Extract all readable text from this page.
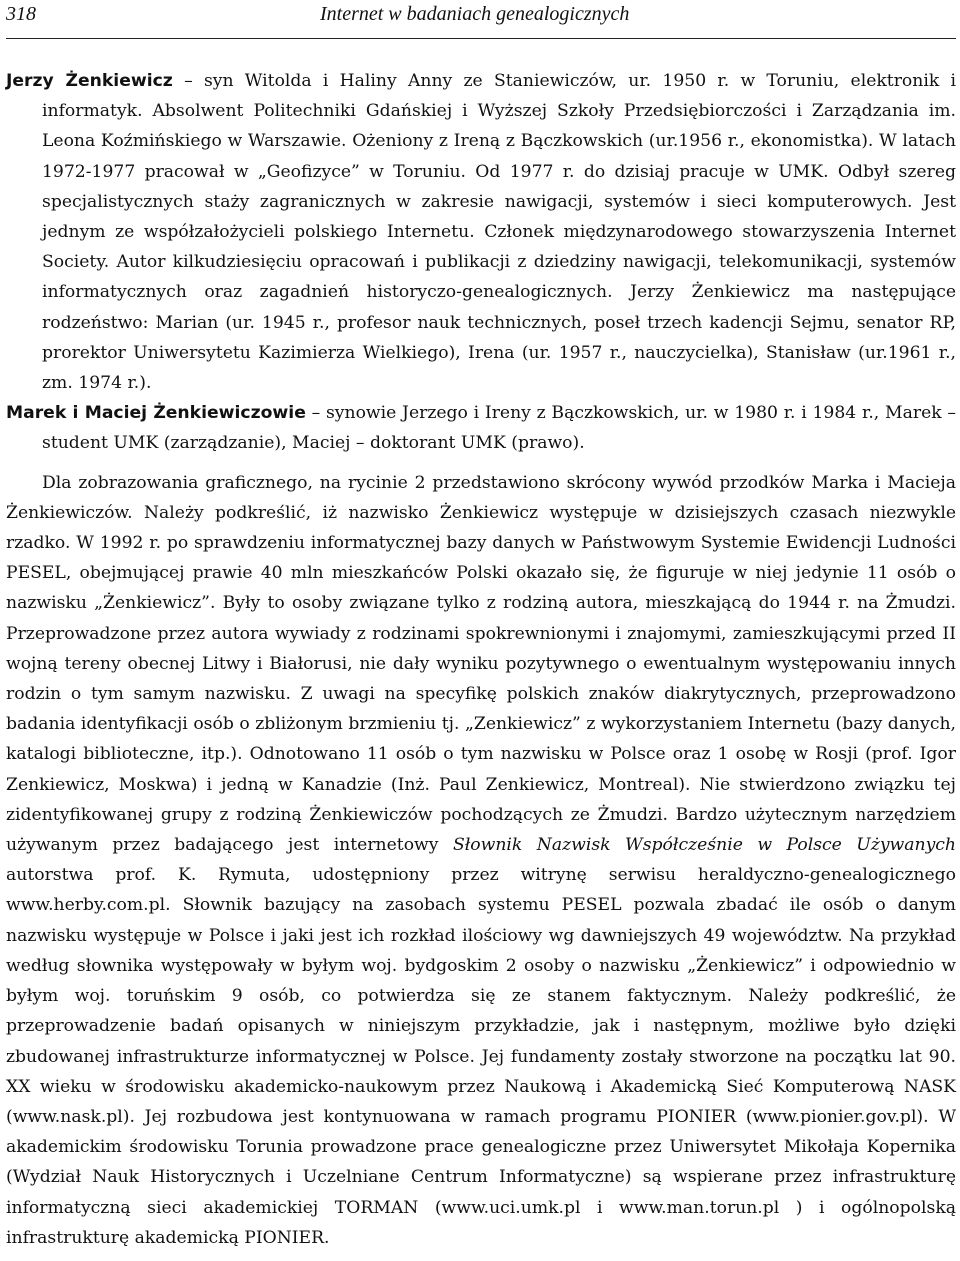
318	Internet w badaniach genealogicznych

Jerzy Żenkiewicz – syn Witolda i Haliny Anny ze Staniewiczów, ur. 1950 r. w Toruniu, elektronik i informatyk. Absolwent Politechniki Gdańskiej i Wyższej Szkoły Przedsiębiorczości i Zarządzania im. Leona Koźmińskiego w Warszawie. Ożeniony z Ireną z Bączkowskich (ur.1956 r., ekonomistka). W latach 1972-1977 pracował w „Geofizyce” w Toruniu. Od 1977 r. do dzisiaj pracuje w UMK. Odbył szereg specjalistycznych staży zagranicznych w zakresie nawigacji, systemów i sieci komputerowych. Jest jednym ze współzałożycieli polskiego Internetu. Członek międzynarodowego stowarzyszenia Internet Society. Autor kilkudziesięciu opracowań i publikacji z dziedziny nawigacji, telekomunikacji, systemów informatycznych oraz zagadnień historyczo-genealogicznych. Jerzy Żenkiewicz ma następujące rodzeństwo: Marian (ur. 1945 r., profesor nauk technicznych, poseł trzech kadencji Sejmu, senator RP, prorektor Uniwersytetu Kazimierza Wielkiego), Irena (ur. 1957 r., nauczycielka), Stanisław (ur.1961 r., zm. 1974 r.).

Marek i Maciej Żenkiewiczowie – synowie Jerzego i Ireny z Bączkowskich, ur. w 1980 r. i 1984 r., Marek – student UMK (zarządzanie), Maciej – doktorant UMK (prawo).

Dla zobrazowania graficznego, na rycinie 2 przedstawiono skrócony wywód przodków Marka i Macieja Żenkiewiczów. Należy podkreślić, iż nazwisko Żenkiewicz występuje w dzisiejszych czasach niezwykle rzadko. W 1992 r. po sprawdzeniu informatycznej bazy danych w Państwowym Systemie Ewidencji Ludności PESEL, obejmującej prawie 40 mln mieszkańców Polski okazało się, że figuruje w niej jedynie 11 osób o nazwisku „Żenkiewicz”. Były to osoby związane tylko z rodziną autora, mieszkającą do 1944 r. na Żmudzi. Przeprowadzone przez autora wywiady z rodzinami spokrewnionymi i znajomymi, zamieszkującymi przed II wojną tereny obecnej Litwy i Białorusi, nie dały wyniku pozytywnego o ewentualnym występowaniu innych rodzin o tym samym nazwisku. Z uwagi na specyfikę polskich znaków diakrytycznych, przeprowadzono badania identyfikacji osób o zbliżonym brzmieniu tj. „Zenkiewicz” z wykorzystaniem Internetu (bazy danych, katalogi biblioteczne, itp.). Odnotowano 11 osób o tym nazwisku w Polsce oraz 1 osobę w Rosji (prof. Igor Zenkiewicz, Moskwa) i jedną w Kanadzie (Inż. Paul Zenkiewicz, Montreal). Nie stwierdzono związku tej zidentyfikowanej grupy z rodziną Żenkiewiczów pochodzących ze Żmudzi. Bardzo użytecznym narzędziem używanym przez badającego jest internetowy Słownik Nazwisk Współcześnie w Polsce Używanych autorstwa prof. K. Rymuta, udostępniony przez witrynę serwisu heraldyczno-genealogicznego www.herby.com.pl. Słownik bazujący na zasobach systemu PESEL pozwala zbadać ile osób o danym nazwisku występuje w Polsce i jaki jest ich rozkład ilościowy wg dawniejszych 49 województw. Na przykład według słownika występowały w byłym woj. bydgoskim 2 osoby o nazwisku „Żenkiewicz” i odpowiednio w byłym woj. toruńskim 9 osób, co potwierdza się ze stanem faktycznym. Należy podkreślić, że przeprowadzenie badań opisanych w niniejszym przykładzie, jak i następnym, możliwe było dzięki zbudowanej infrastrukturze informatycznej w Polsce. Jej fundamenty zostały stworzone na początku lat 90. XX wieku w środowisku akademicko-naukowym przez Naukową i Akademicką Sieć Komputerową NASK (www.nask.pl). Jej rozbudowa jest kontynuowana w ramach programu PIONIER (www.pionier.gov.pl). W akademickim środowisku Torunia prowadzone prace genealogiczne przez Uniwersytet Mikołaja Kopernika (Wydział Nauk Historycznych i Uczelniane Centrum Informatyczne) są wspierane przez infrastrukturę informatyczną sieci akademickiej TORMAN (www.uci.umk.pl i www.man.torun.pl ) i ogólnopolską infrastrukturę akademicką PIONIER.
